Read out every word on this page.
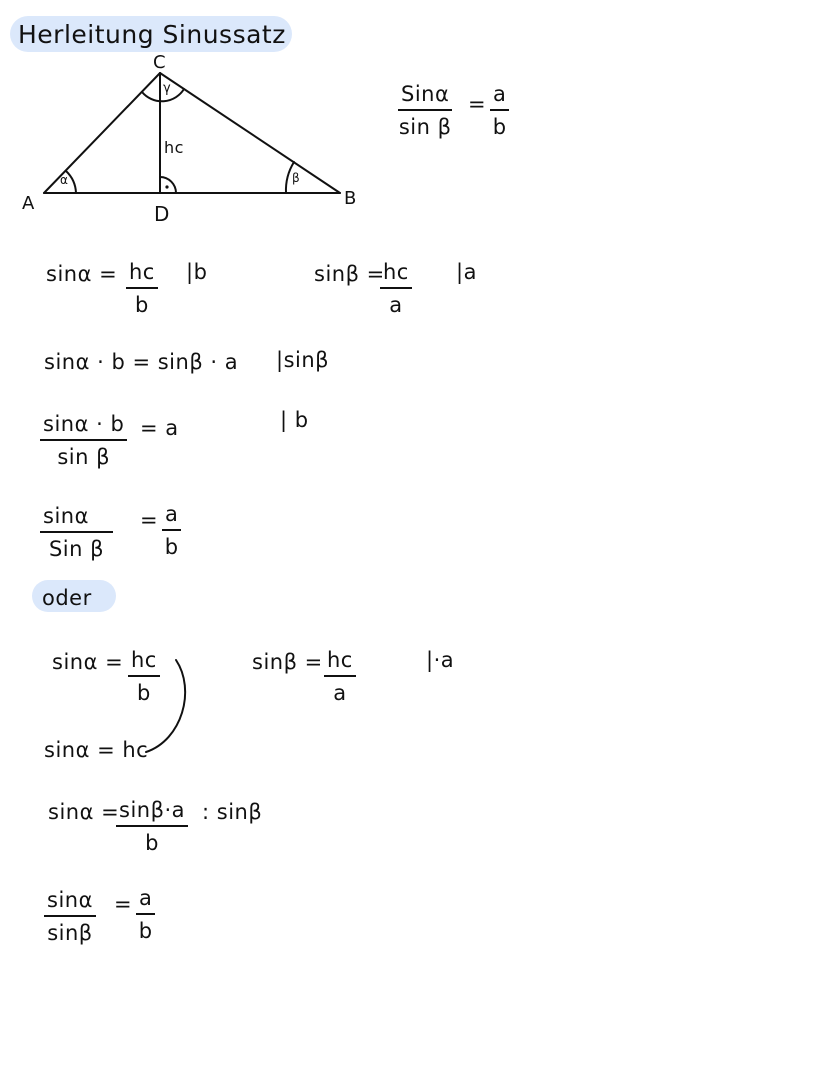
Herleitung Sinussatz
C
A	B
D
hc
α	β
γ	Sinα
sin β
= $\frac{a}{b}$
$\sin\alpha = \frac{hc}{b} |b$	sinβ =
$\frac{hc}{a} |a$
sinα · b = sinβ · a |sinβ
$\frac{\sin\alpha \cdot b}{\text{sin β}} = a$	| b
sinα
Sin β
= $\frac{a}{b}$
oder
$\sin\alpha = \frac{hc}{b}$	$\sin\beta = \frac{hc}{a}$	|·a
sinα = hc
sinα =
$\frac{\sin\beta\cdot a}{b}$ : sinβ
$\frac{\sin\alpha}{\sin\beta} = \frac{a}{b}$
